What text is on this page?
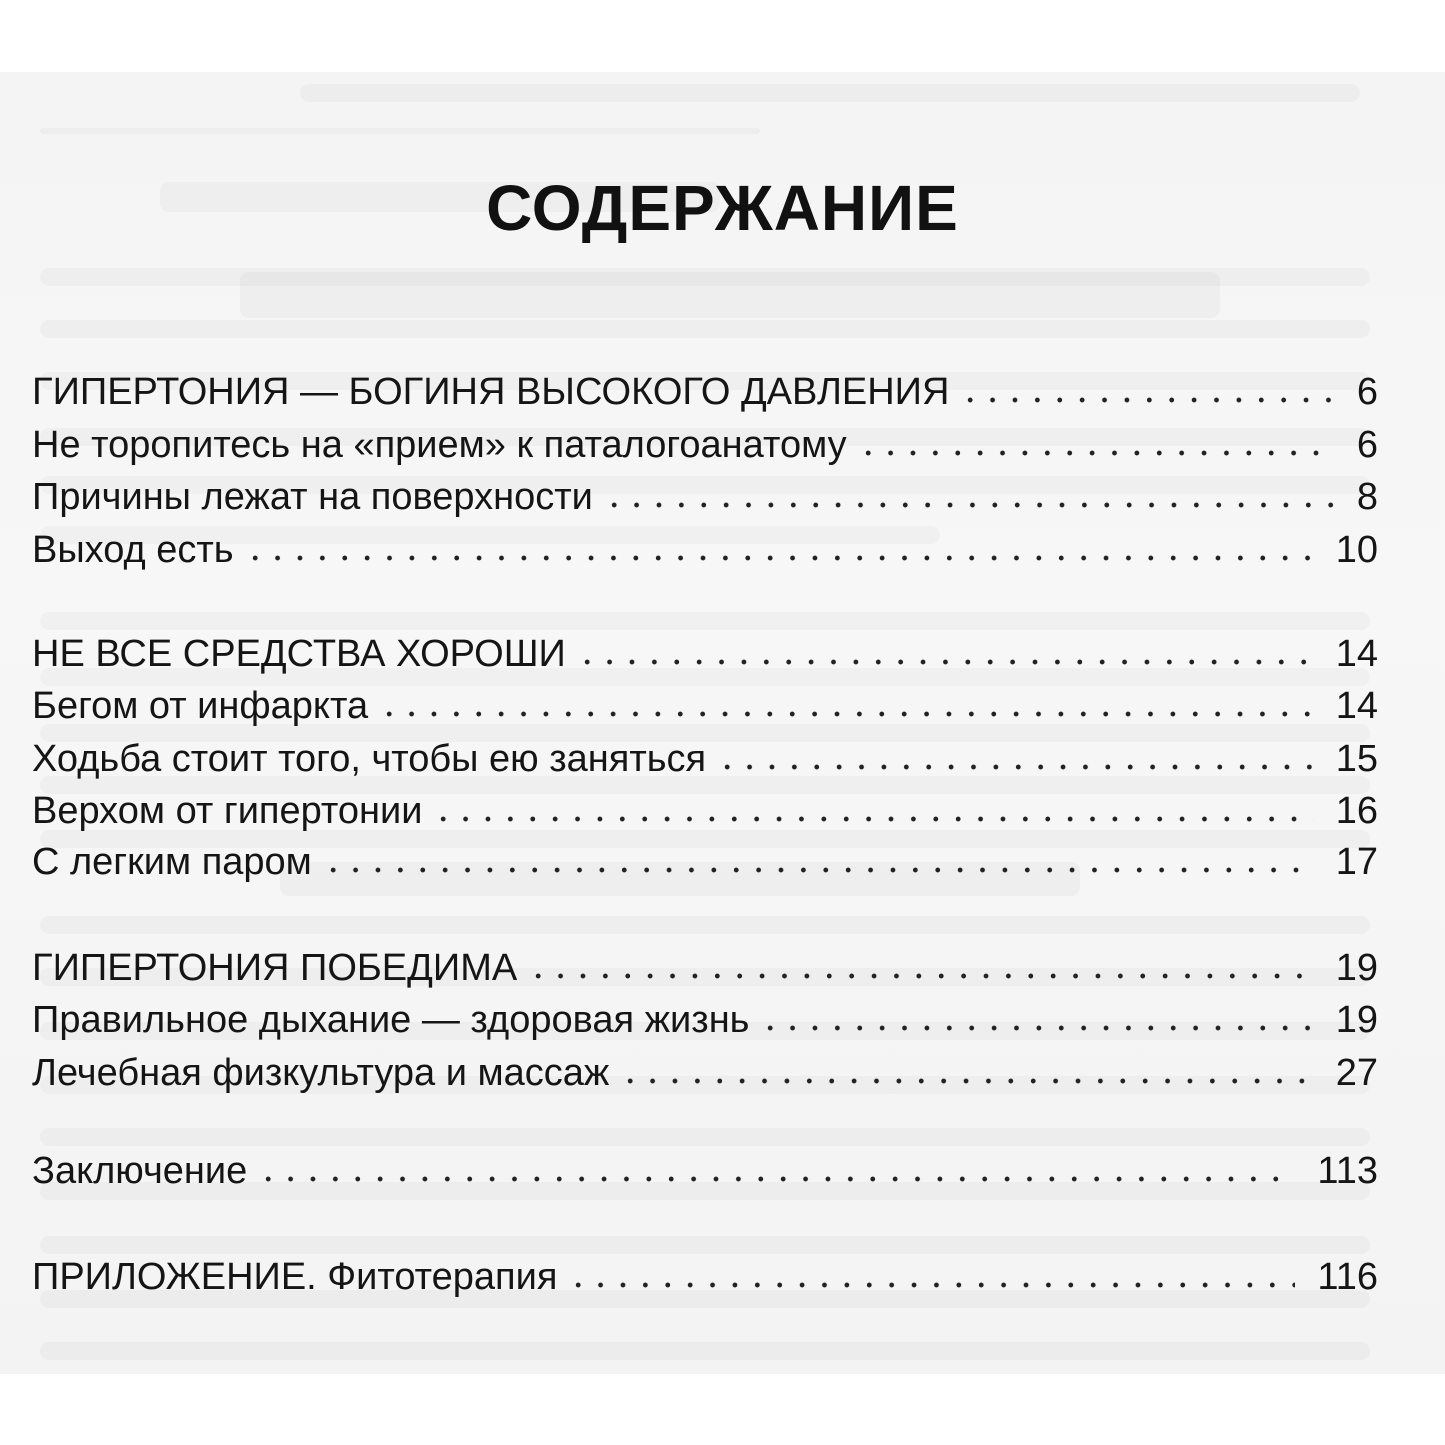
СОДЕРЖАНИЕ
ГИПЕРТОНИЯ — БОГИНЯ ВЫСОКОГО ДАВЛЕНИЯ	6
Не торопитесь на «прием» к паталогоанатому	6
Причины лежат на поверхности	8
Выход есть	10
НЕ ВСЕ СРЕДСТВА ХОРОШИ	14
Бегом от инфаркта	14
Ходьба стоит того, чтобы ею заняться	15
Верхом от гипертонии	16
С легким паром	17
ГИПЕРТОНИЯ ПОБЕДИМА	19
Правильное дыхание — здоровая жизнь	19
Лечебная физкультура и массаж	27
Заключение	113
ПРИЛОЖЕНИЕ. Фитотерапия	116
